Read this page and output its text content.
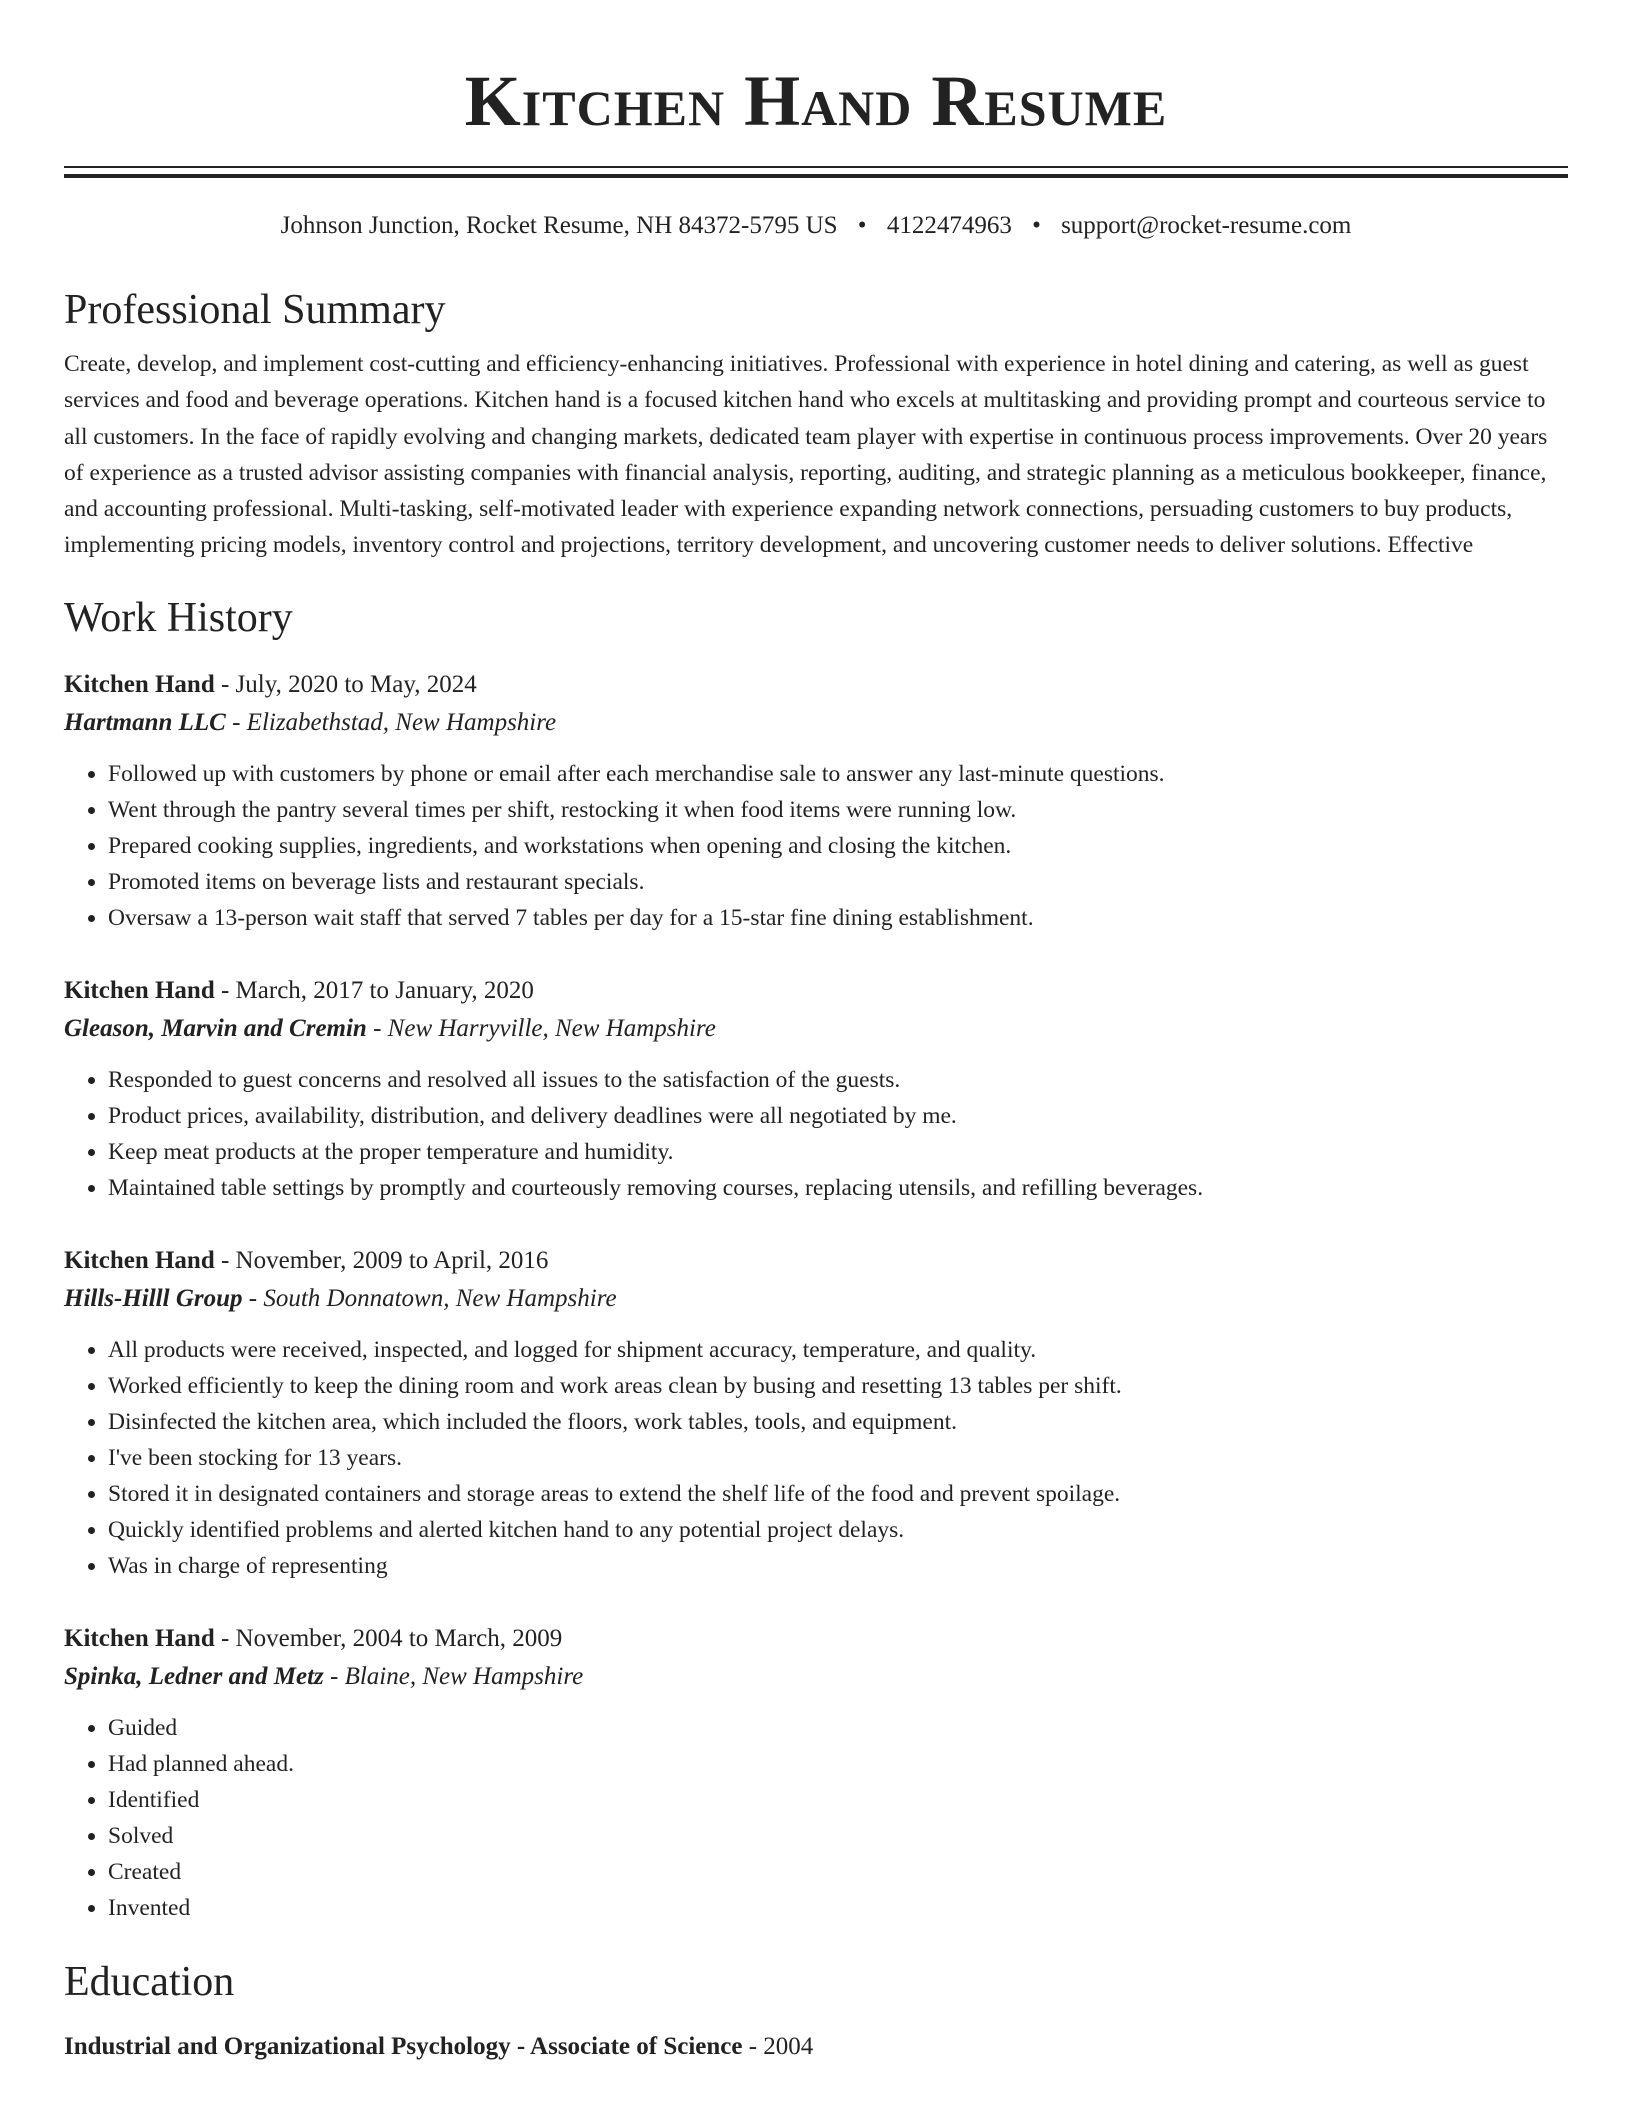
Kitchen Hand Resume
Johnson Junction, Rocket Resume, NH 84372-5795 US • 4122474963 • support@rocket-resume.com
Professional Summary

Create, develop, and implement cost-cutting and efficiency-enhancing initiatives. Professional with experience in hotel dining and catering, as well as guest services and food and beverage operations. Kitchen hand is a focused kitchen hand who excels at multitasking and providing prompt and courteous service to all customers. In the face of rapidly evolving and changing markets, dedicated team player with expertise in continuous process improvements. Over 20 years of experience as a trusted advisor assisting companies with financial analysis, reporting, auditing, and strategic planning as a meticulous bookkeeper, finance, and accounting professional. Multi-tasking, self-motivated leader with experience expanding network connections, persuading customers to buy products, implementing pricing models, inventory control and projections, territory development, and uncovering customer needs to deliver solutions. Effective

Work History
Kitchen Hand - July, 2020 to May, 2024
Hartmann LLC - Elizabethstad, New Hampshire
• Followed up with customers by phone or email after each merchandise sale to answer any last-minute questions.
• Went through the pantry several times per shift, restocking it when food items were running low.
• Prepared cooking supplies, ingredients, and workstations when opening and closing the kitchen.
• Promoted items on beverage lists and restaurant specials.
• Oversaw a 13-person wait staff that served 7 tables per day for a 15-star fine dining establishment.
Kitchen Hand - March, 2017 to January, 2020
Gleason, Marvin and Cremin - New Harryville, New Hampshire
• Responded to guest concerns and resolved all issues to the satisfaction of the guests.
• Product prices, availability, distribution, and delivery deadlines were all negotiated by me.
• Keep meat products at the proper temperature and humidity.
• Maintained table settings by promptly and courteously removing courses, replacing utensils, and refilling beverages.
Kitchen Hand - November, 2009 to April, 2016
Hills-Hilll Group - South Donnatown, New Hampshire
• All products were received, inspected, and logged for shipment accuracy, temperature, and quality.
• Worked efficiently to keep the dining room and work areas clean by busing and resetting 13 tables per shift.
• Disinfected the kitchen area, which included the floors, work tables, tools, and equipment.
• I've been stocking for 13 years.
• Stored it in designated containers and storage areas to extend the shelf life of the food and prevent spoilage.
• Quickly identified problems and alerted kitchen hand to any potential project delays.
• Was in charge of representing
Kitchen Hand - November, 2004 to March, 2009
Spinka, Ledner and Metz - Blaine, New Hampshire
• Guided
• Had planned ahead.
• Identified
• Solved
• Created
• Invented
Education
Industrial and Organizational Psychology - Associate of Science - 2004
